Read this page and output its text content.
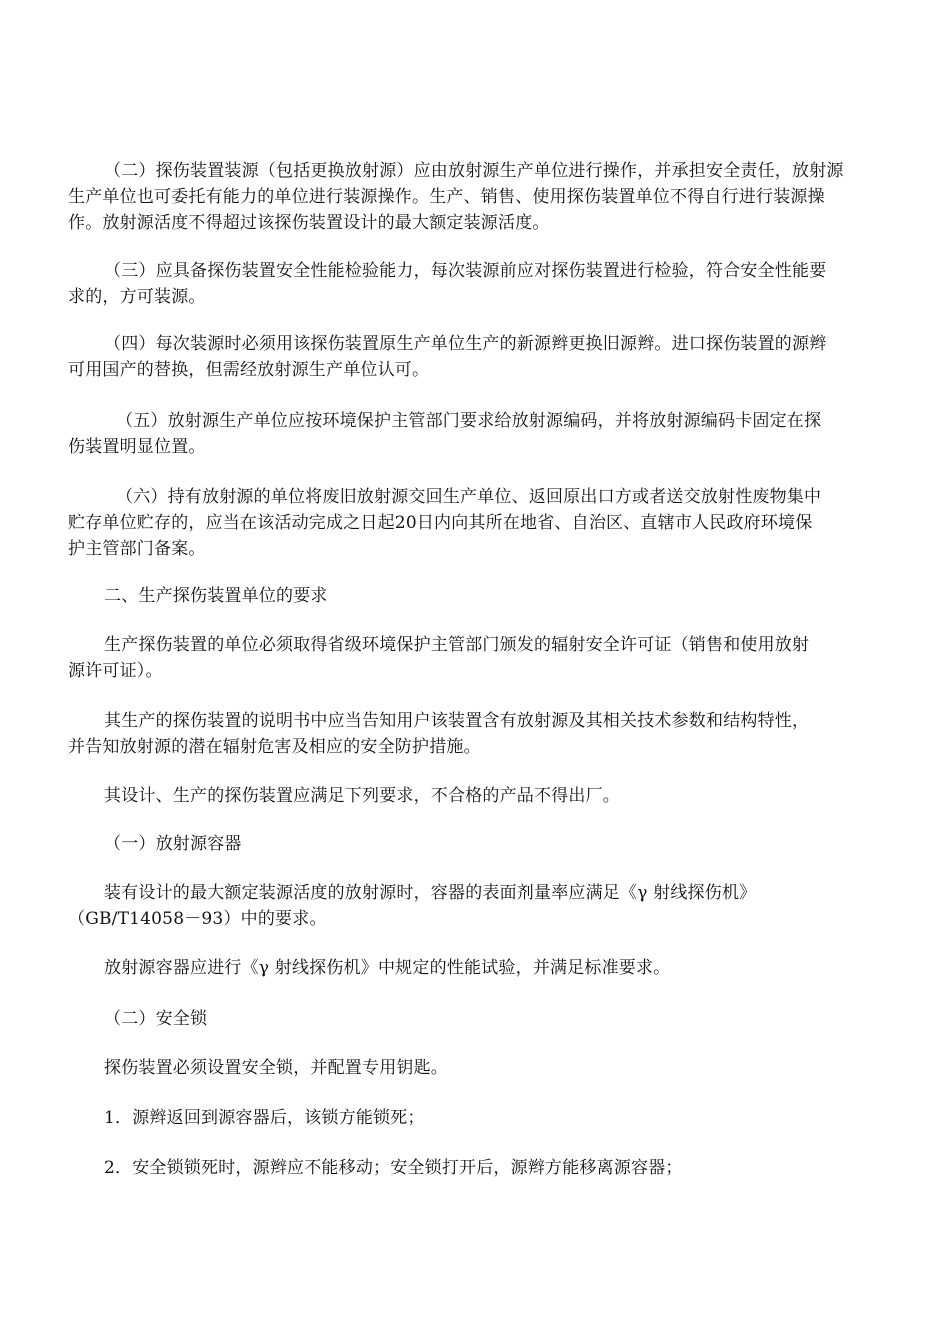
（二）探伤装置装源（包括更换放射源）应由放射源生产单位进行操作，并承担安全责任，放射源
生产单位也可委托有能力的单位进行装源操作。生产、销售、使用探伤装置单位不得自行进行装源操
作。放射源活度不得超过该探伤装置设计的最大额定装源活度。

（三）应具备探伤装置安全性能检验能力，每次装源前应对探伤装置进行检验，符合安全性能要
求的，方可装源。

（四）每次装源时必须用该探伤装置原生产单位生产的新源辫更换旧源辫。进口探伤装置的源辫
可用国产的替换，但需经放射源生产单位认可。

（五）放射源生产单位应按环境保护主管部门要求给放射源编码，并将放射源编码卡固定在探
伤装置明显位置。

（六）持有放射源的单位将废旧放射源交回生产单位、返回原出口方或者送交放射性废物集中
贮存单位贮存的，应当在该活动完成之日起20日内向其所在地省、自治区、直辖市人民政府环境保
护主管部门备案。

二、生产探伤装置单位的要求

生产探伤装置的单位必须取得省级环境保护主管部门颁发的辐射安全许可证（销售和使用放射
源许可证）。

其生产的探伤装置的说明书中应当告知用户该装置含有放射源及其相关技术参数和结构特性，
并告知放射源的潜在辐射危害及相应的安全防护措施。

其设计、生产的探伤装置应满足下列要求，不合格的产品不得出厂。

（一）放射源容器

装有设计的最大额定装源活度的放射源时，容器的表面剂量率应满足《γ 射线探伤机》
（GB/T14058－93）中的要求。

放射源容器应进行《γ 射线探伤机》中规定的性能试验，并满足标准要求。

（二）安全锁

探伤装置必须设置安全锁，并配置专用钥匙。

1．源辫返回到源容器后，该锁方能锁死；

2．安全锁锁死时，源辫应不能移动；安全锁打开后，源辫方能移离源容器；
